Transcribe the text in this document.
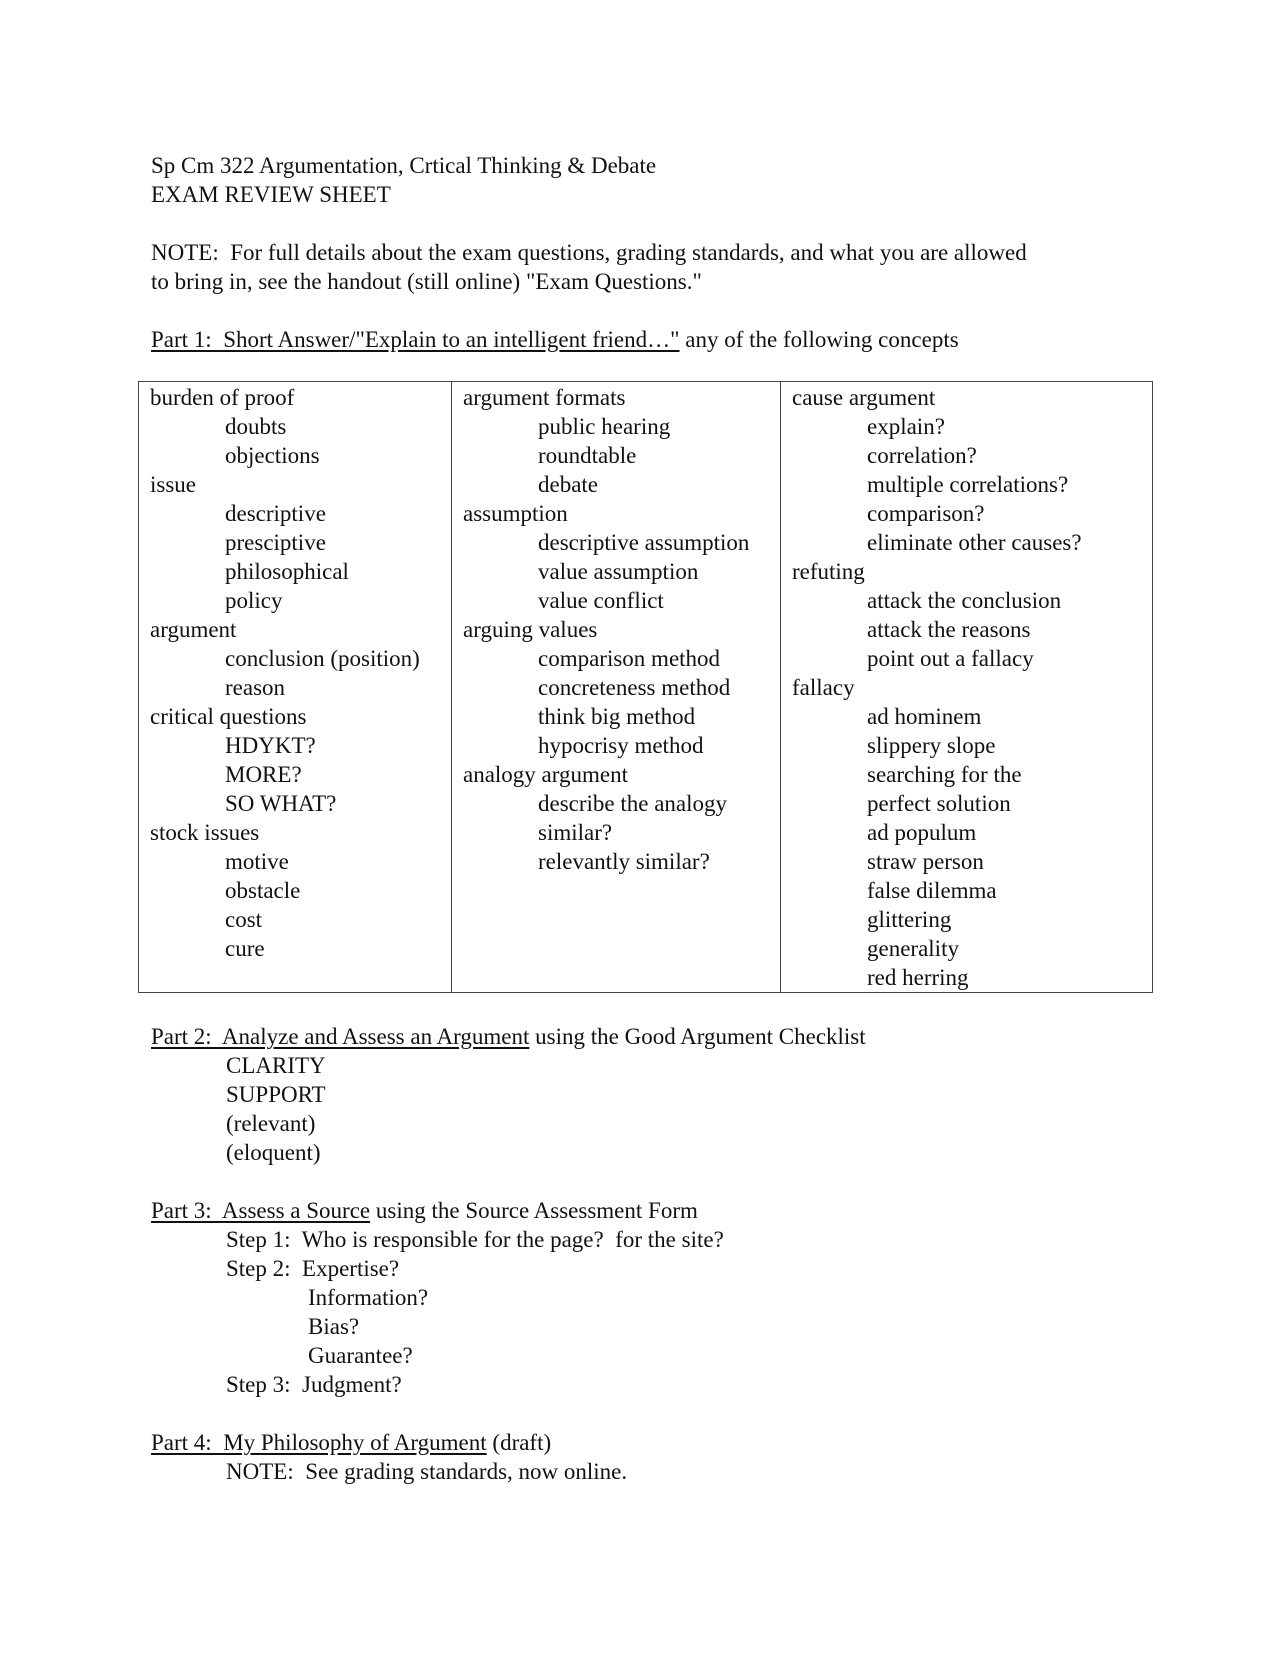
Sp Cm 322 Argumentation, Crtical Thinking & Debate

EXAM REVIEW SHEET

NOTE:  For full details about the exam questions, grading standards, and what you are allowed

to bring in, see the handout (still online) "Exam Questions."

Part 1:  Short Answer/"Explain to an intelligent friend…" any of the following concepts

burden of proof
doubts
objections
issue
descriptive
presciptive
philosophical
policy
argument
conclusion (position)
reason
critical questions
HDYKT?
MORE?
SO WHAT?
stock issues
motive
obstacle
cost
cure

argument formats
public hearing
roundtable
debate
assumption
descriptive assumption
value assumption
value conflict
arguing values
comparison method
concreteness method
think big method
hypocrisy method
analogy argument
describe the analogy
similar?
relevantly similar?

cause argument
explain?
correlation?
multiple correlations?
comparison?
eliminate other causes?
refuting
attack the conclusion
attack the reasons
point out a fallacy
fallacy
ad hominem
slippery slope
searching for the
perfect solution
ad populum
straw person
false dilemma
glittering
generality
red herring

Part 2:  Analyze and Assess an Argument using the Good Argument Checklist

CLARITY

SUPPORT

(relevant)

(eloquent)

Part 3:  Assess a Source using the Source Assessment Form

Step 1:  Who is responsible for the page?  for the site?

Step 2:  Expertise?

Information?

Bias?

Guarantee?

Step 3:  Judgment?

Part 4:  My Philosophy of Argument (draft)

NOTE:  See grading standards, now online.
